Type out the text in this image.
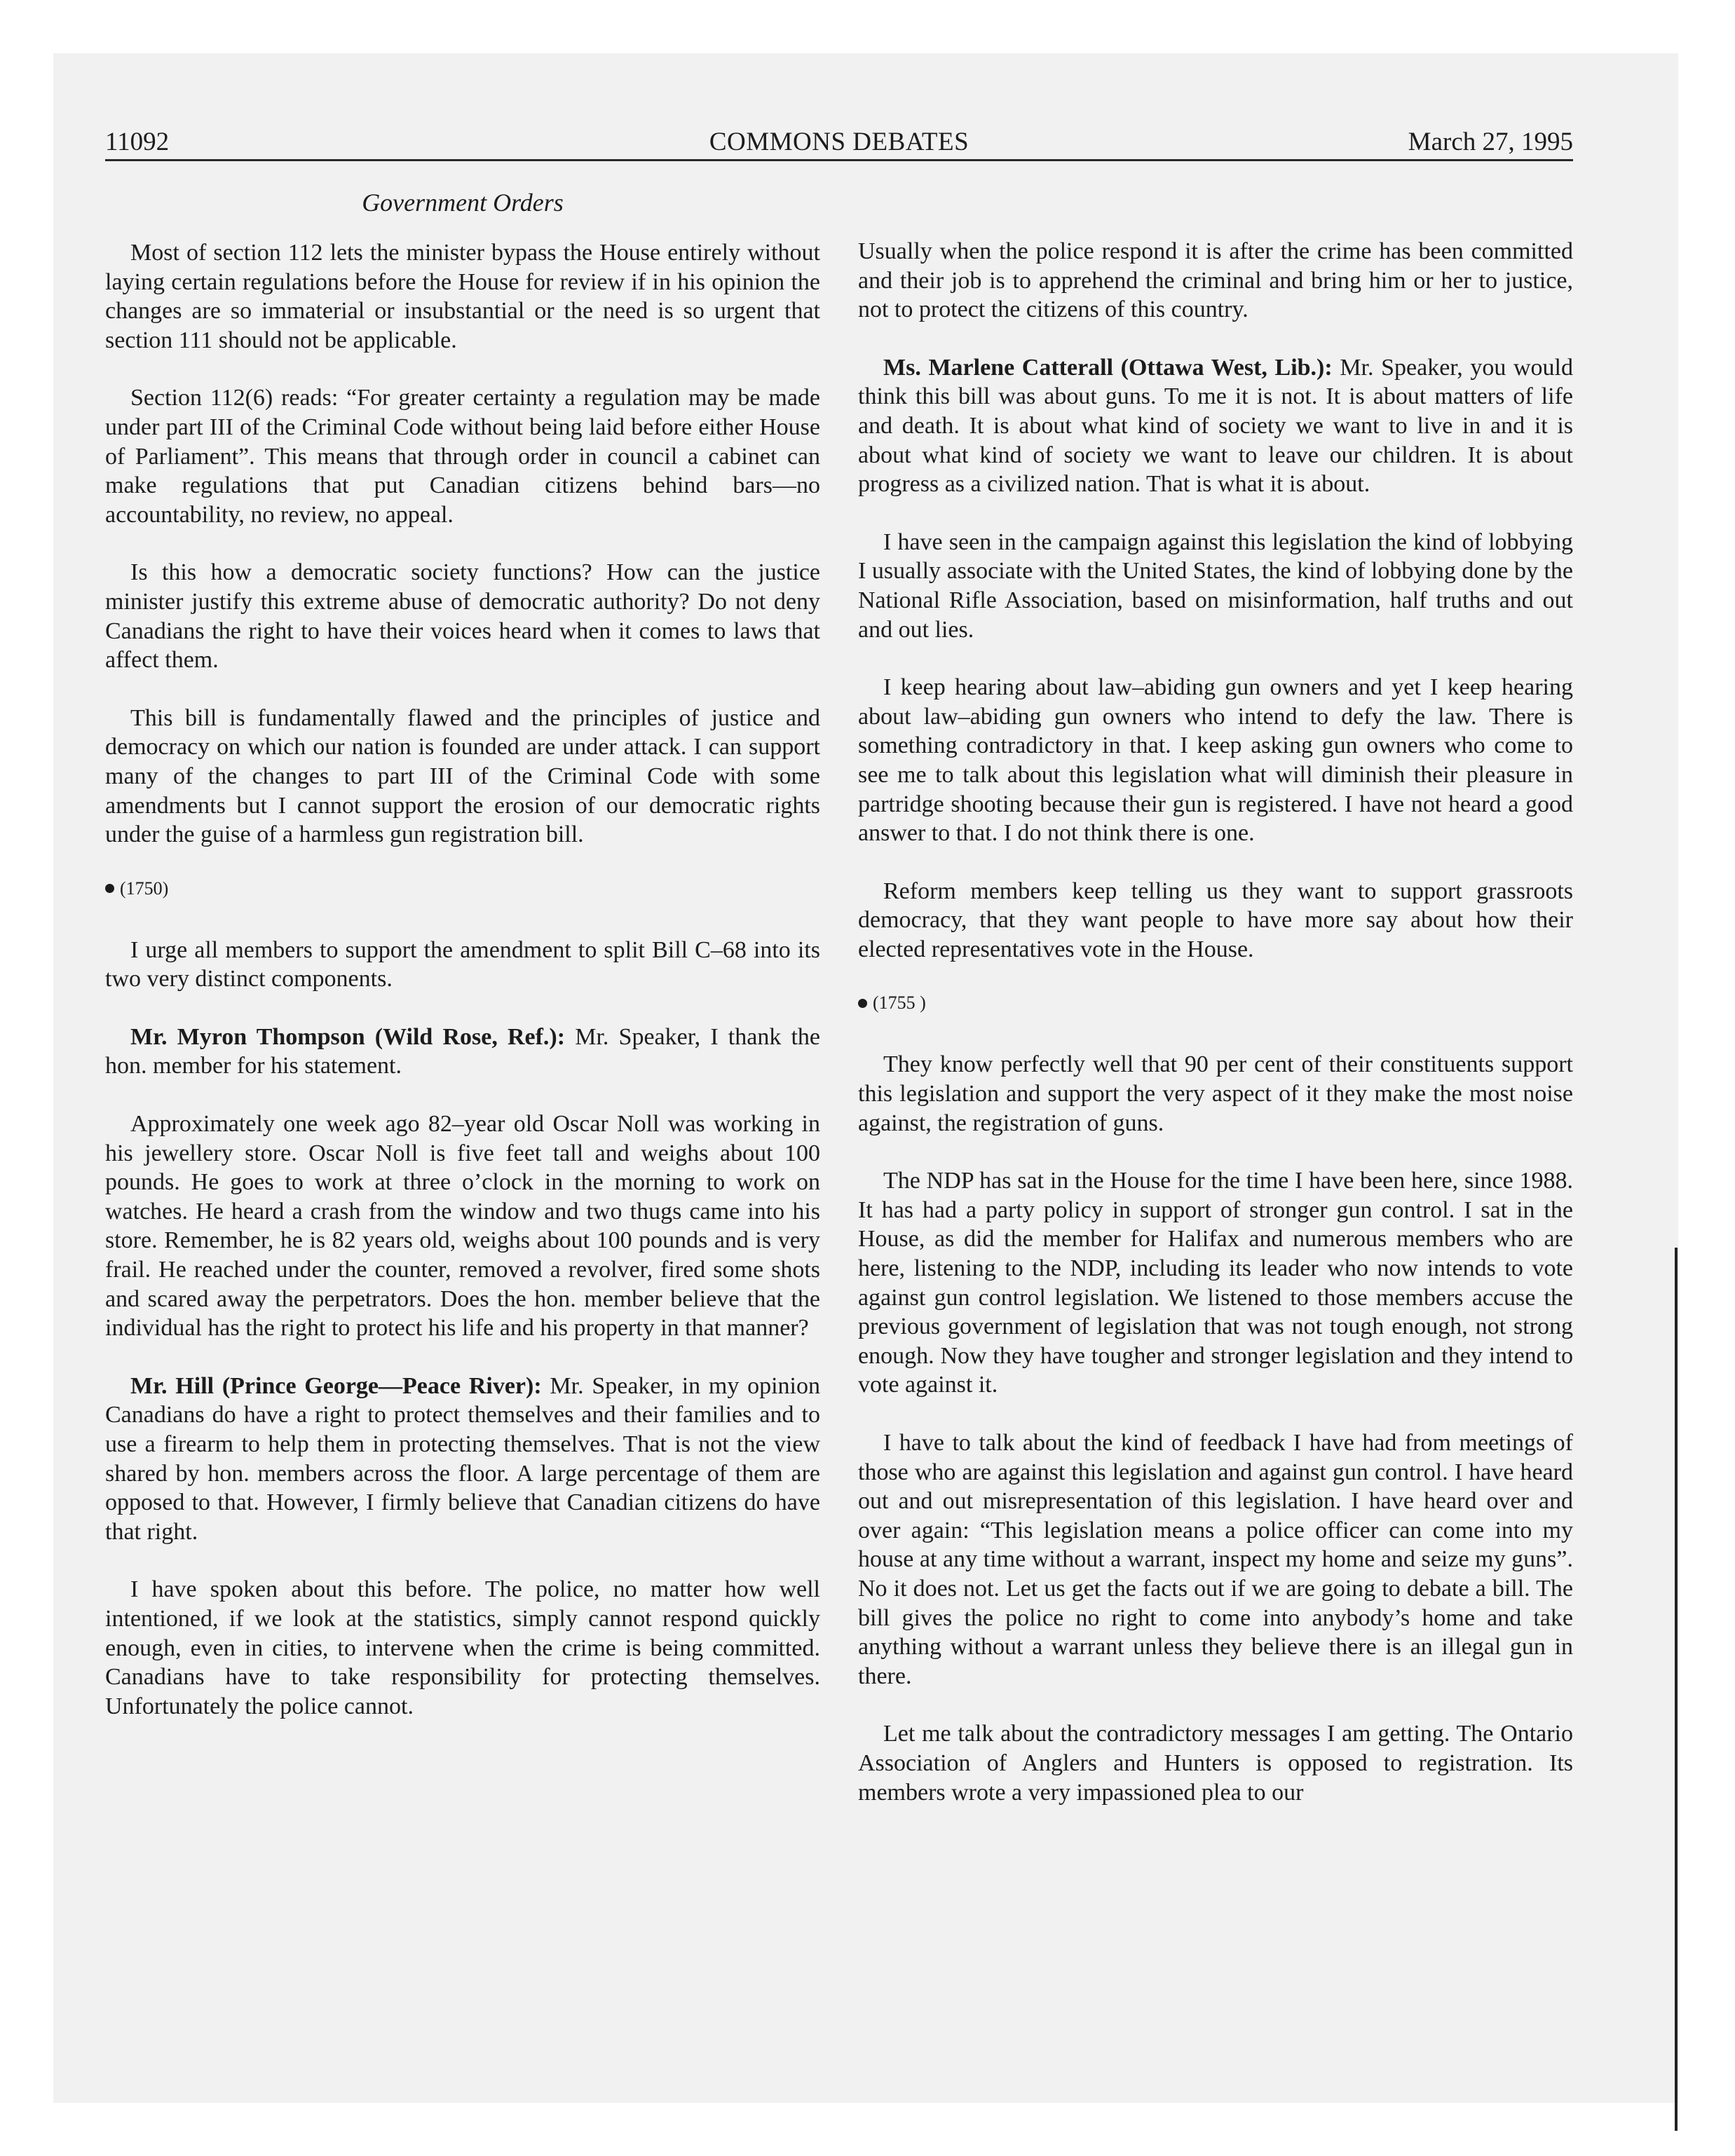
11092	COMMONS DEBATES	March 27, 1995
Government Orders

Most of section 112 lets the minister bypass the House entirely without laying certain regulations before the House for review if in his opinion the changes are so immaterial or insubstantial or the need is so urgent that section 111 should not be applicable.

Section 112(6) reads: “For greater certainty a regulation may be made under part III of the Criminal Code without being laid before either House of Parliament”. This means that through order in council a cabinet can make regulations that put Canadian citizens behind bars—no accountability, no review, no appeal.

Is this how a democratic society functions? How can the justice minister justify this extreme abuse of democratic authority? Do not deny Canadians the right to have their voices heard when it comes to laws that affect them.

This bill is fundamentally flawed and the principles of justice and democracy on which our nation is founded are under attack. I can support many of the changes to part III of the Criminal Code with some amendments but I cannot support the erosion of our democratic rights under the guise of a harmless gun registration bill.

(1750)

I urge all members to support the amendment to split Bill C–68 into its two very distinct components.

Mr. Myron Thompson (Wild Rose, Ref.): Mr. Speaker, I thank the hon. member for his statement.

Approximately one week ago 82–year old Oscar Noll was working in his jewellery store. Oscar Noll is five feet tall and weighs about 100 pounds. He goes to work at three o’clock in the morning to work on watches. He heard a crash from the window and two thugs came into his store. Remember, he is 82 years old, weighs about 100 pounds and is very frail. He reached under the counter, removed a revolver, fired some shots and scared away the perpetrators. Does the hon. member believe that the individual has the right to protect his life and his property in that manner?

Mr. Hill (Prince George—Peace River): Mr. Speaker, in my opinion Canadians do have a right to protect themselves and their families and to use a firearm to help them in protecting themselves. That is not the view shared by hon. members across the floor. A large percentage of them are opposed to that. However, I firmly believe that Canadian citizens do have that right.

I have spoken about this before. The police, no matter how well intentioned, if we look at the statistics, simply cannot respond quickly enough, even in cities, to intervene when the crime is being committed. Canadians have to take responsibility for protecting themselves. Unfortunately the police cannot.

Usually when the police respond it is after the crime has been committed and their job is to apprehend the criminal and bring him or her to justice, not to protect the citizens of this country.

Ms. Marlene Catterall (Ottawa West, Lib.): Mr. Speaker, you would think this bill was about guns. To me it is not. It is about matters of life and death. It is about what kind of society we want to live in and it is about what kind of society we want to leave our children. It is about progress as a civilized nation. That is what it is about.

I have seen in the campaign against this legislation the kind of lobbying I usually associate with the United States, the kind of lobbying done by the National Rifle Association, based on misinformation, half truths and out and out lies.

I keep hearing about law–abiding gun owners and yet I keep hearing about law–abiding gun owners who intend to defy the law. There is something contradictory in that. I keep asking gun owners who come to see me to talk about this legislation what will diminish their pleasure in partridge shooting because their gun is registered. I have not heard a good answer to that. I do not think there is one.

Reform members keep telling us they want to support grassroots democracy, that they want people to have more say about how their elected representatives vote in the House.

(1755 )

They know perfectly well that 90 per cent of their constituents support this legislation and support the very aspect of it they make the most noise against, the registration of guns.

The NDP has sat in the House for the time I have been here, since 1988. It has had a party policy in support of stronger gun control. I sat in the House, as did the member for Halifax and numerous members who are here, listening to the NDP, including its leader who now intends to vote against gun control legislation. We listened to those members accuse the previous government of legislation that was not tough enough, not strong enough. Now they have tougher and stronger legislation and they intend to vote against it.

I have to talk about the kind of feedback I have had from meetings of those who are against this legislation and against gun control. I have heard out and out misrepresentation of this legislation. I have heard over and over again: “This legislation means a police officer can come into my house at any time without a warrant, inspect my home and seize my guns”. No it does not. Let us get the facts out if we are going to debate a bill. The bill gives the police no right to come into anybody’s home and take anything without a warrant unless they believe there is an illegal gun in there.

Let me talk about the contradictory messages I am getting. The Ontario Association of Anglers and Hunters is opposed to registration. Its members wrote a very impassioned plea to our
